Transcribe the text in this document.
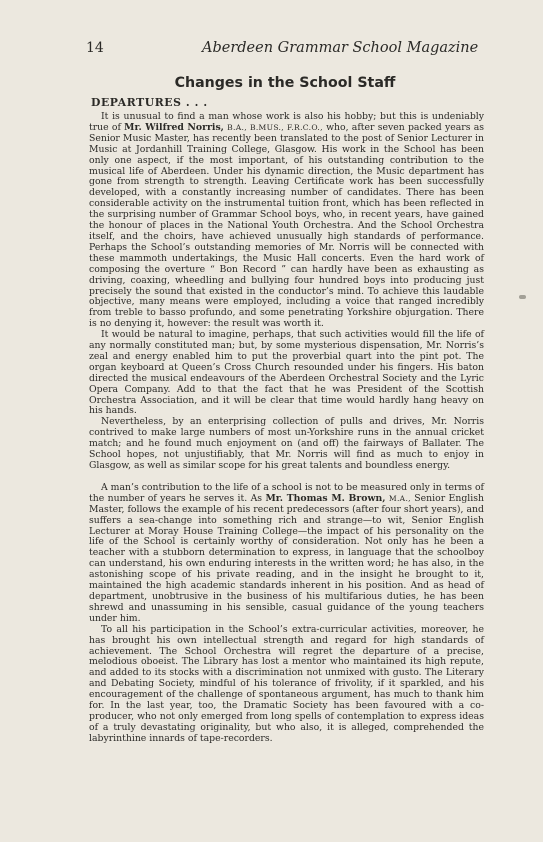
14	Aberdeen Grammar School Magazine
Changes in the School Staff
DEPARTURES . . .

It is unusual to find a man whose work is also his hobby; but this is undeniably true of Mr. Wilfred Norris, B.A., B.MUS., F.R.C.O., who, after seven packed years as Senior Music Master, has recently been translated to the post of Senior Lecturer in Music at Jordanhill Training College, Glasgow. His work in the School has been only one aspect, if the most important, of his outstanding contribution to the musical life of Aberdeen. Under his dynamic direction, the Music department has gone from strength to strength. Leaving Certificate work has been successfully developed, with a constantly increasing number of candidates. There has been considerable activity on the instrumental tuition front, which has been reflected in the surprising number of Grammar School boys, who, in recent years, have gained the honour of places in the National Youth Orchestra. And the School Orchestra itself, and the choirs, have achieved unusually high standards of performance. Perhaps the School’s outstanding memories of Mr. Norris will be connected with these mammoth undertakings, the Music Hall concerts. Even the hard work of composing the overture “ Bon Record ” can hardly have been as exhausting as driving, coaxing, wheedling and bullying four hundred boys into producing just precisely the sound that existed in the conductor’s mind. To achieve this laudable objective, many means were employed, including a voice that ranged incredibly from treble to basso profundo, and some penetrating Yorkshire objurgation. There is no denying it, however: the result was worth it.

It would be natural to imagine, perhaps, that such activities would fill the life of any normally constituted man; but, by some mysterious dispensation, Mr. Norris’s zeal and energy enabled him to put the proverbial quart into the pint pot. The organ keyboard at Queen’s Cross Church resounded under his fingers. His baton directed the musical endeavours of the Aberdeen Orchestral Society and the Lyric Opera Company. Add to that the fact that he was President of the Scottish Orchestra Association, and it will be clear that time would hardly hang heavy on his hands.

Nevertheless, by an enterprising collection of pulls and drives, Mr. Norris contrived to make large numbers of most un-Yorkshire runs in the annual cricket match; and he found much enjoyment on (and off) the fairways of Ballater. The School hopes, not unjustifiably, that Mr. Norris will find as much to enjoy in Glasgow, as well as similar scope for his great talents and boundless energy.

A man’s contribution to the life of a school is not to be measured only in terms of the number of years he serves it. As Mr. Thomas M. Brown, M.A., Senior English Master, follows the example of his recent predecessors (after four short years), and suffers a sea-change into something rich and strange—to wit, Senior English Lecturer at Moray House Training College—the impact of his personality on the life of the School is certainly worthy of consideration. Not only has he been a teacher with a stubborn determination to express, in language that the schoolboy can understand, his own enduring interests in the written word; he has also, in the astonishing scope of his private reading, and in the insight he brought to it, maintained the high academic standards inherent in his position. And as head of department, unobtrusive in the business of his multifarious duties, he has been shrewd and unassuming in his sensible, casual guidance of the young teachers under him.

To all his participation in the School’s extra-curricular activities, moreover, he has brought his own intellectual strength and regard for high standards of achievement. The School Orchestra will regret the departure of a precise, melodious oboeist. The Library has lost a mentor who maintained its high repute, and added to its stocks with a discrimination not unmixed with gusto. The Literary and Debating Society, mindful of his tolerance of frivolity, if it sparkled, and his encouragement of the challenge of spontaneous argument, has much to thank him for. In the last year, too, the Dramatic Society has been favoured with a co-producer, who not only emerged from long spells of contemplation to express ideas of a truly devastating originality, but who also, it is alleged, comprehended the labyrinthine innards of tape-recorders.
